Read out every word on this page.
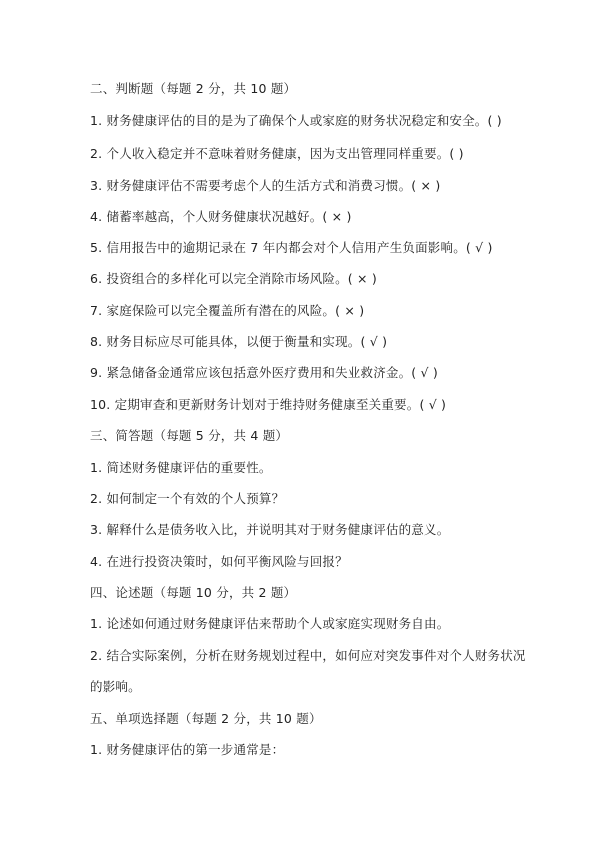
二、判断题（每题 2 分，共 10 题）
1. 财务健康评估的目的是为了确保个人或家庭的财务状况稳定和安全。( )
2. 个人收入稳定并不意味着财务健康，因为支出管理同样重要。( )
3. 财务健康评估不需要考虑个人的生活方式和消费习惯。( × )
4. 储蓄率越高，个人财务健康状况越好。( × )
5. 信用报告中的逾期记录在 7 年内都会对个人信用产生负面影响。( √ )
6. 投资组合的多样化可以完全消除市场风险。( × )
7. 家庭保险可以完全覆盖所有潜在的风险。( × )
8. 财务目标应尽可能具体，以便于衡量和实现。( √ )
9. 紧急储备金通常应该包括意外医疗费用和失业救济金。( √ )
10. 定期审查和更新财务计划对于维持财务健康至关重要。( √ )
三、简答题（每题 5 分，共 4 题）
1. 简述财务健康评估的重要性。
2. 如何制定一个有效的个人预算？
3. 解释什么是债务收入比，并说明其对于财务健康评估的意义。
4. 在进行投资决策时，如何平衡风险与回报？
四、论述题（每题 10 分，共 2 题）
1. 论述如何通过财务健康评估来帮助个人或家庭实现财务自由。
2. 结合实际案例，分析在财务规划过程中，如何应对突发事件对个人财务状况
的影响。
五、单项选择题（每题 2 分，共 10 题）
1. 财务健康评估的第一步通常是：
